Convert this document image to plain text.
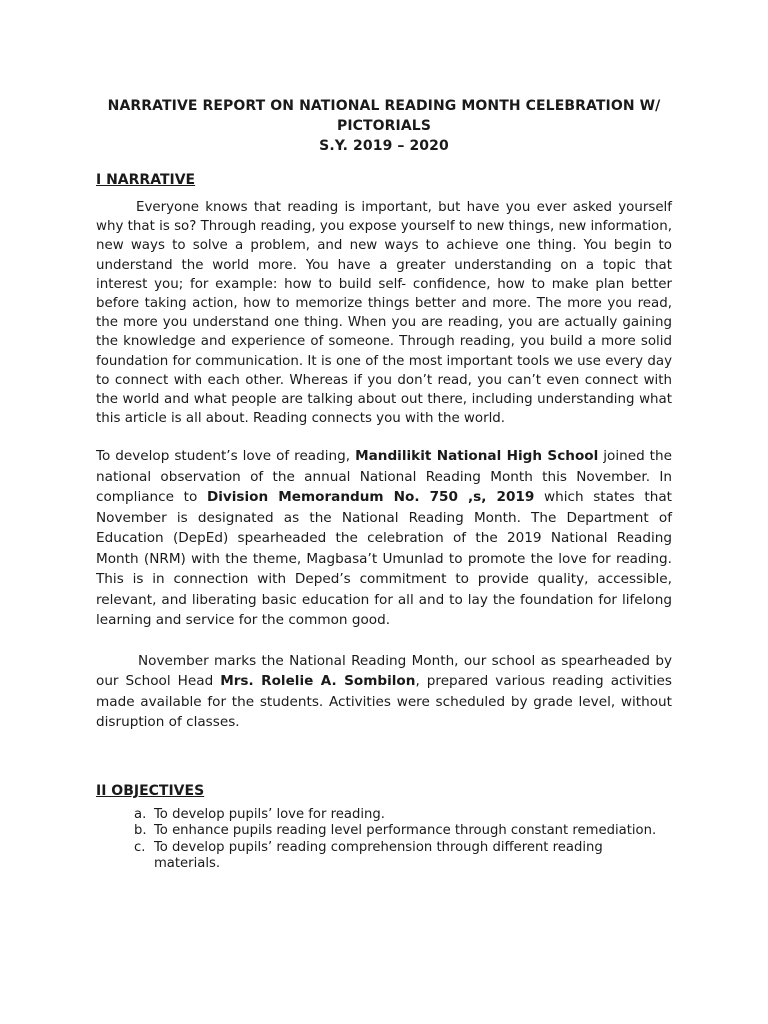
NARRATIVE REPORT ON NATIONAL READING MONTH CELEBRATION W/ PICTORIALS

S.Y. 2019 – 2020

I NARRATIVE

Everyone knows that reading is important, but have you ever asked yourself why that is so? Through reading, you expose yourself to new things, new information, new ways to solve a problem, and new ways to achieve one thing. You begin to understand the world more. You have a greater understanding on a topic that interest you; for example: how to build self- confidence, how to make plan better before taking action, how to memorize things better and more. The more you read, the more you understand one thing. When you are reading, you are actually gaining the knowledge and experience of someone. Through reading, you build a more solid foundation for communication. It is one of the most important tools we use every day to connect with each other. Whereas if you don’t read, you can’t even connect with the world and what people are talking about out there, including understanding what this article is all about. Reading connects you with the world.

To develop student’s love of reading, Mandilikit National High School joined the national observation of the annual National Reading Month this November. In compliance to Division Memorandum No. 750 ,s, 2019 which states that November is designated as the National Reading Month. The Department of Education (DepEd) spearheaded the celebration of the 2019 National Reading Month (NRM) with the theme, Magbasa’t Umunlad to promote the love for reading. This is in connection with Deped’s commitment to provide quality, accessible, relevant, and liberating basic education for all and to lay the foundation for lifelong learning and service for the common good.

November marks the National Reading Month, our school as spearheaded by our School Head Mrs. Rolelie A. Sombilon, prepared various reading activities made available for the students. Activities were scheduled by grade level, without disruption of classes.

II OBJECTIVES

a. To develop pupils’ love for reading.
b. To enhance pupils reading level performance through constant remediation.
c. To develop pupils’ reading comprehension through different reading materials.
